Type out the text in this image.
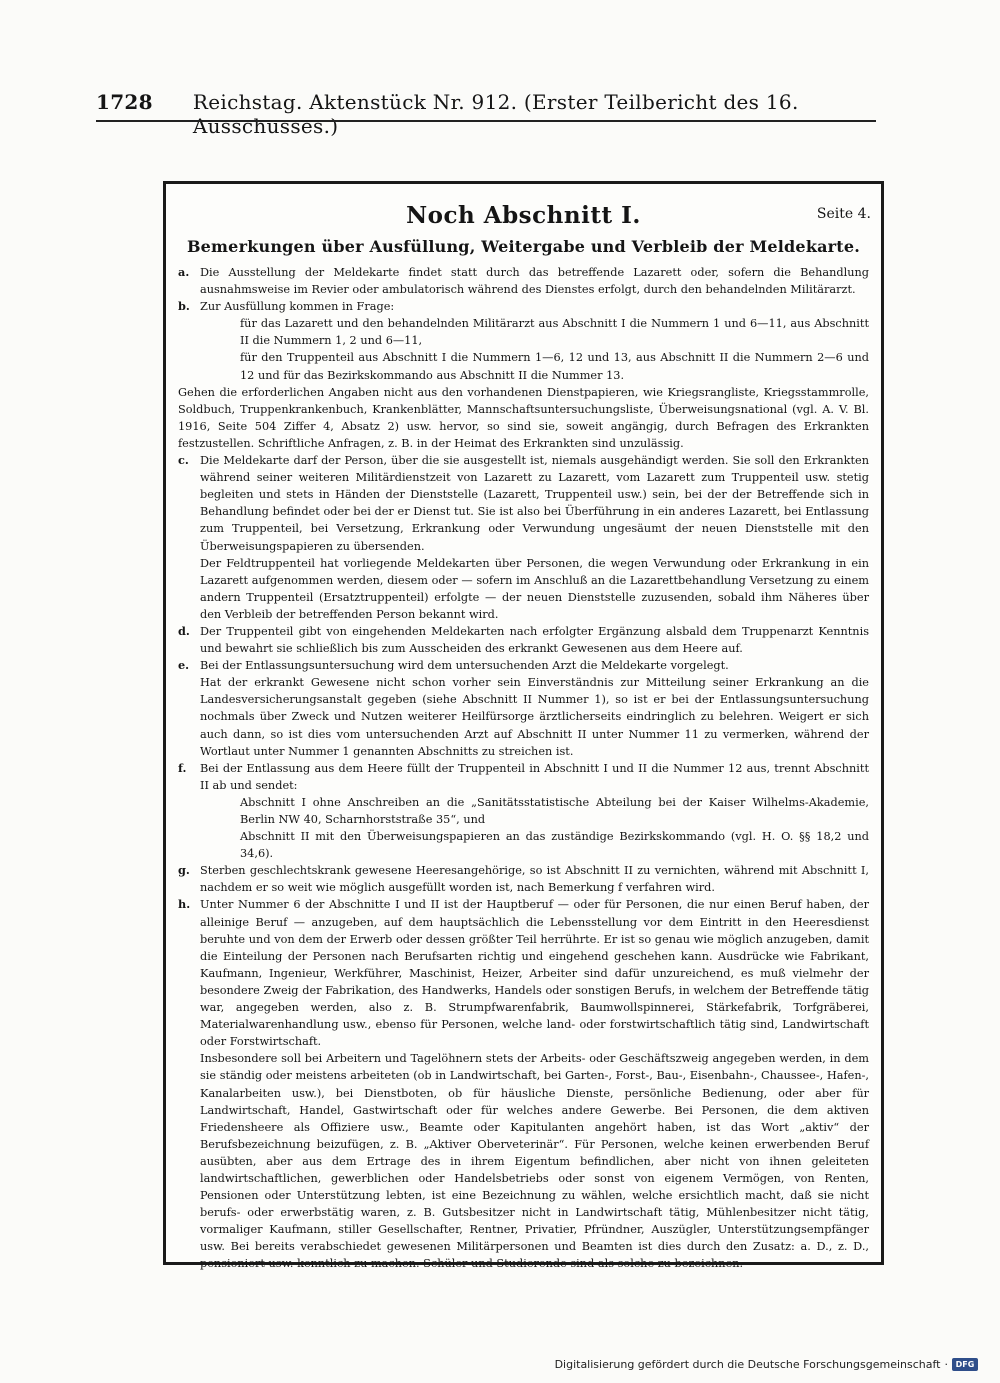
1728 Reichstag. Aktenstück Nr. 912. (Erster Teilbericht des 16. Ausschusses.)
Seite 4.
Noch Abschnitt I.
Bemerkungen über Ausfüllung, Weitergabe und Verbleib der Meldekarte.
a. Die Ausstellung der Meldekarte findet statt durch das betreffende Lazarett oder, sofern die Behandlung ausnahmsweise im Revier oder ambulatorisch während des Dienstes erfolgt, durch den behandelnden Militärarzt.

b. Zur Ausfüllung kommen in Frage:

für das Lazarett und den behandelnden Militärarzt aus Abschnitt I die Nummern 1 und 6—11, aus Abschnitt II die Nummern 1, 2 und 6—11,

für den Truppenteil aus Abschnitt I die Nummern 1—6, 12 und 13, aus Abschnitt II die Nummern 2—6 und 12 und für das Bezirkskommando aus Abschnitt II die Nummer 13.

Gehen die erforderlichen Angaben nicht aus den vorhandenen Dienstpapieren, wie Kriegsrangliste, Kriegsstammrolle, Soldbuch, Truppenkrankenbuch, Krankenblätter, Mannschaftsuntersuchungsliste, Überweisungsnational (vgl. A. V. Bl. 1916, Seite 504 Ziffer 4, Absatz 2) usw. hervor, so sind sie, soweit angängig, durch Befragen des Erkrankten festzustellen. Schriftliche Anfragen, z. B. in der Heimat des Erkrankten sind unzulässig.

c. Die Meldekarte darf der Person, über die sie ausgestellt ist, niemals ausgehändigt werden. Sie soll den Erkrankten während seiner weiteren Militärdienstzeit von Lazarett zu Lazarett, vom Lazarett zum Truppenteil usw. stetig begleiten und stets in Händen der Dienststelle (Lazarett, Truppenteil usw.) sein, bei der der Betreffende sich in Behandlung befindet oder bei der er Dienst tut. Sie ist also bei Überführung in ein anderes Lazarett, bei Entlassung zum Truppenteil, bei Versetzung, Erkrankung oder Verwundung ungesäumt der neuen Dienststelle mit den Überweisungspapieren zu übersenden.

Der Feldtruppenteil hat vorliegende Meldekarten über Personen, die wegen Verwundung oder Erkrankung in ein Lazarett aufgenommen werden, diesem oder — sofern im Anschluß an die Lazarettbehandlung Versetzung zu einem andern Truppenteil (Ersatztruppenteil) erfolgte — der neuen Dienststelle zuzusenden, sobald ihm Näheres über den Verbleib der betreffenden Person bekannt wird.

d. Der Truppenteil gibt von eingehenden Meldekarten nach erfolgter Ergänzung alsbald dem Truppenarzt Kenntnis und bewahrt sie schließlich bis zum Ausscheiden des erkrankt Gewesenen aus dem Heere auf.

e. Bei der Entlassungsuntersuchung wird dem untersuchenden Arzt die Meldekarte vorgelegt.

Hat der erkrankt Gewesene nicht schon vorher sein Einverständnis zur Mitteilung seiner Erkrankung an die Landesversicherungsanstalt gegeben (siehe Abschnitt II Nummer 1), so ist er bei der Entlassungsuntersuchung nochmals über Zweck und Nutzen weiterer Heilfürsorge ärztlicherseits eindringlich zu belehren. Weigert er sich auch dann, so ist dies vom untersuchenden Arzt auf Abschnitt II unter Nummer 11 zu vermerken, während der Wortlaut unter Nummer 1 genannten Abschnitts zu streichen ist.

f. Bei der Entlassung aus dem Heere füllt der Truppenteil in Abschnitt I und II die Nummer 12 aus, trennt Abschnitt II ab und sendet:

Abschnitt I ohne Anschreiben an die „Sanitätsstatistische Abteilung bei der Kaiser Wilhelms-Akademie, Berlin NW 40, Scharnhorststraße 35“, und

Abschnitt II mit den Überweisungspapieren an das zuständige Bezirkskommando (vgl. H. O. §§ 18,2 und 34,6).

g. Sterben geschlechtskrank gewesene Heeresangehörige, so ist Abschnitt II zu vernichten, während mit Abschnitt I, nachdem er so weit wie möglich ausgefüllt worden ist, nach Bemerkung f verfahren wird.

h. Unter Nummer 6 der Abschnitte I und II ist der Hauptberuf — oder für Personen, die nur einen Beruf haben, der alleinige Beruf — anzugeben, auf dem hauptsächlich die Lebensstellung vor dem Eintritt in den Heeresdienst beruhte und von dem der Erwerb oder dessen größter Teil herrührte. Er ist so genau wie möglich anzugeben, damit die Einteilung der Personen nach Berufsarten richtig und eingehend geschehen kann. Ausdrücke wie Fabrikant, Kaufmann, Ingenieur, Werkführer, Maschinist, Heizer, Arbeiter sind dafür unzureichend, es muß vielmehr der besondere Zweig der Fabrikation, des Handwerks, Handels oder sonstigen Berufs, in welchem der Betreffende tätig war, angegeben werden, also z. B. Strumpfwarenfabrik, Baumwollspinnerei, Stärkefabrik, Torfgräberei, Materialwarenhandlung usw., ebenso für Personen, welche land- oder forstwirtschaftlich tätig sind, Landwirtschaft oder Forstwirtschaft.

Insbesondere soll bei Arbeitern und Tagelöhnern stets der Arbeits- oder Geschäftszweig angegeben werden, in dem sie ständig oder meistens arbeiteten (ob in Landwirtschaft, bei Garten-, Forst-, Bau-, Eisenbahn-, Chaussee-, Hafen-, Kanalarbeiten usw.), bei Dienstboten, ob für häusliche Dienste, persönliche Bedienung, oder aber für Landwirtschaft, Handel, Gastwirtschaft oder für welches andere Gewerbe. Bei Personen, die dem aktiven Friedensheere als Offiziere usw., Beamte oder Kapitulanten angehört haben, ist das Wort „aktiv“ der Berufsbezeichnung beizufügen, z. B. „Aktiver Oberveterinär“. Für Personen, welche keinen erwerbenden Beruf ausübten, aber aus dem Ertrage des in ihrem Eigentum befindlichen, aber nicht von ihnen geleiteten landwirtschaftlichen, gewerblichen oder Handelsbetriebs oder sonst von eigenem Vermögen, von Renten, Pensionen oder Unterstützung lebten, ist eine Bezeichnung zu wählen, welche ersichtlich macht, daß sie nicht berufs- oder erwerbstätig waren, z. B. Gutsbesitzer nicht in Landwirtschaft tätig, Mühlenbesitzer nicht tätig, vormaliger Kaufmann, stiller Gesellschafter, Rentner, Privatier, Pfründner, Auszügler, Unterstützungsempfänger usw. Bei bereits verabschiedet gewesenen Militärpersonen und Beamten ist dies durch den Zusatz: a. D., z. D., pensioniert usw. kenntlich zu machen. Schüler und Studierende sind als solche zu bezeichnen.

Digitalisierung gefördert durch die Deutsche Forschungsgemeinschaft · DFG
